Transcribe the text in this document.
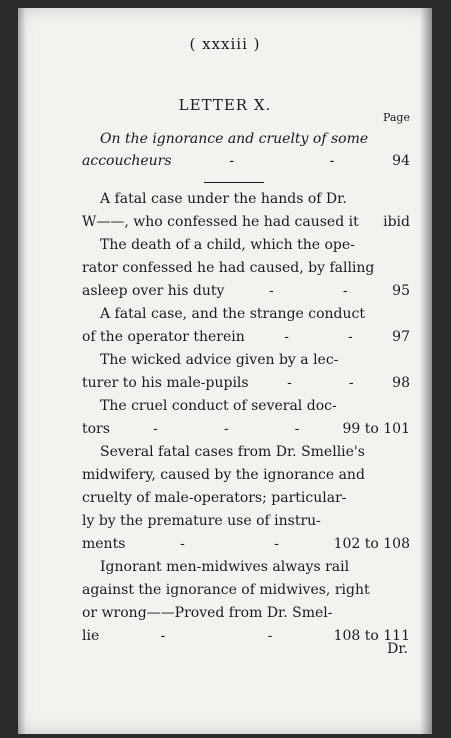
( xxxiii )
LETTER X.
Page
On the ignorance and cruelty of some
accoucheurs	-	-	94
A fatal case under the hands of Dr.
W——, who confessed he had caused it ibid
The death of a child, which the ope-
rator confessed he had caused, by falling
asleep over his duty	-	-	95
A fatal case, and the strange conduct
of the operator therein	-	-	97
The wicked advice given by a lec-
turer to his male-pupils	-	-	98
The cruel conduct of several doc-
tors	-	-	-	99 to 101
Several fatal cases from Dr. Smellie's
midwifery, caused by the ignorance and
cruelty of male-operators; particular-
ly by the premature use of instru-
ments	-	-	102 to 108
Ignorant men-midwives always rail
against the ignorance of midwives, right
or wrong——Proved from Dr. Smel-
lie	-	-	108 to 111
Dr.
